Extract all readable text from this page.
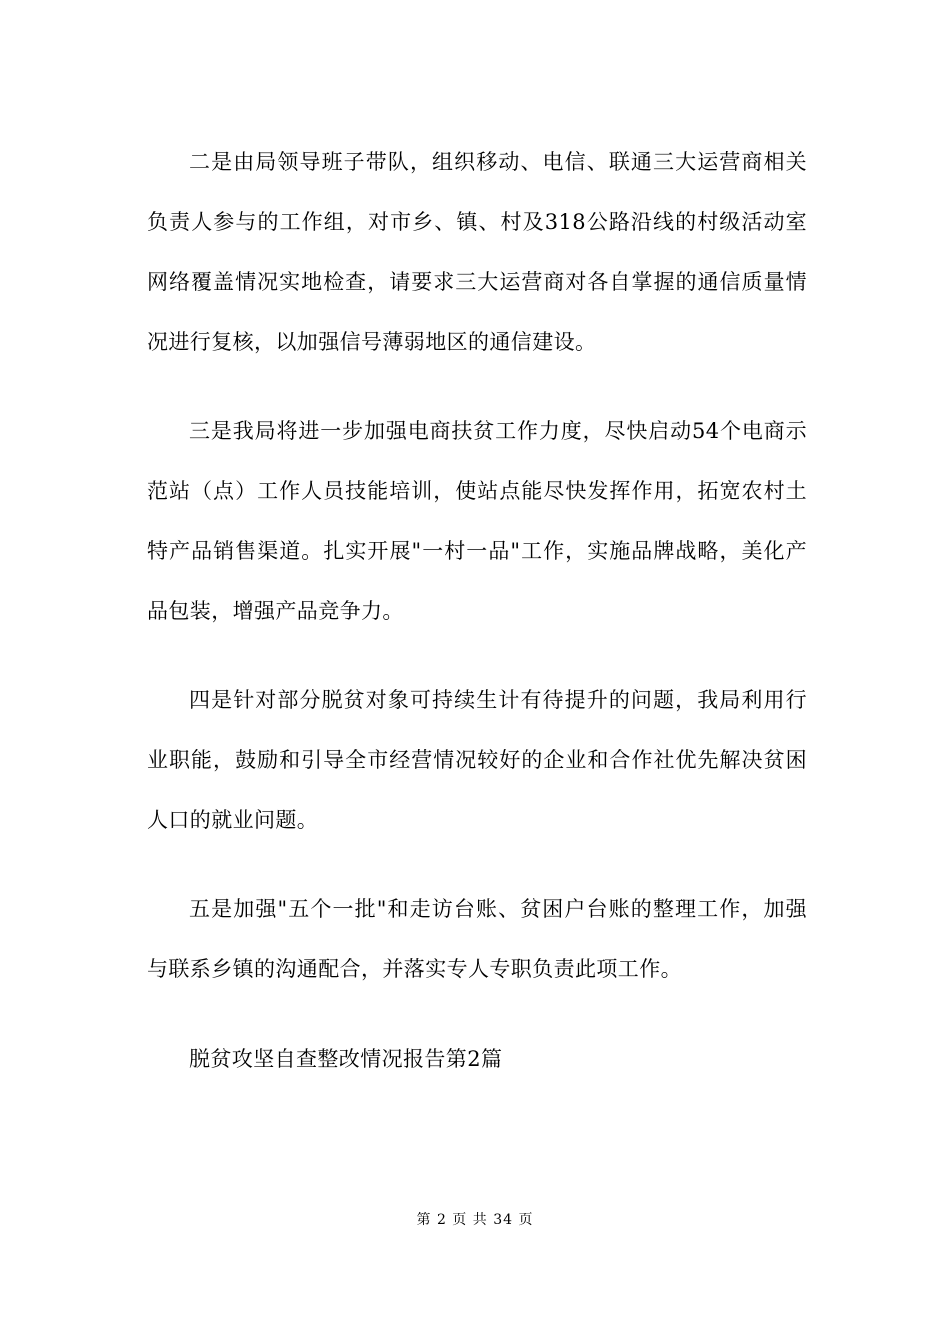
二是由局领导班子带队，组织移动、电信、联通三大运营商相关负责人参与的工作组，对市乡、镇、村及318公路沿线的村级活动室网络覆盖情况实地检查，请要求三大运营商对各自掌握的通信质量情况进行复核，以加强信号薄弱地区的通信建设。

三是我局将进一步加强电商扶贫工作力度，尽快启动54个电商示范站（点）工作人员技能培训，使站点能尽快发挥作用，拓宽农村土特产品销售渠道。扎实开展"一村一品"工作，实施品牌战略，美化产品包装，增强产品竞争力。

四是针对部分脱贫对象可持续生计有待提升的问题，我局利用行业职能，鼓励和引导全市经营情况较好的企业和合作社优先解决贫困人口的就业问题。

五是加强"五个一批"和走访台账、贫困户台账的整理工作，加强与联系乡镇的沟通配合，并落实专人专职负责此项工作。

脱贫攻坚自查整改情况报告第2篇

第 2 页 共 34 页
